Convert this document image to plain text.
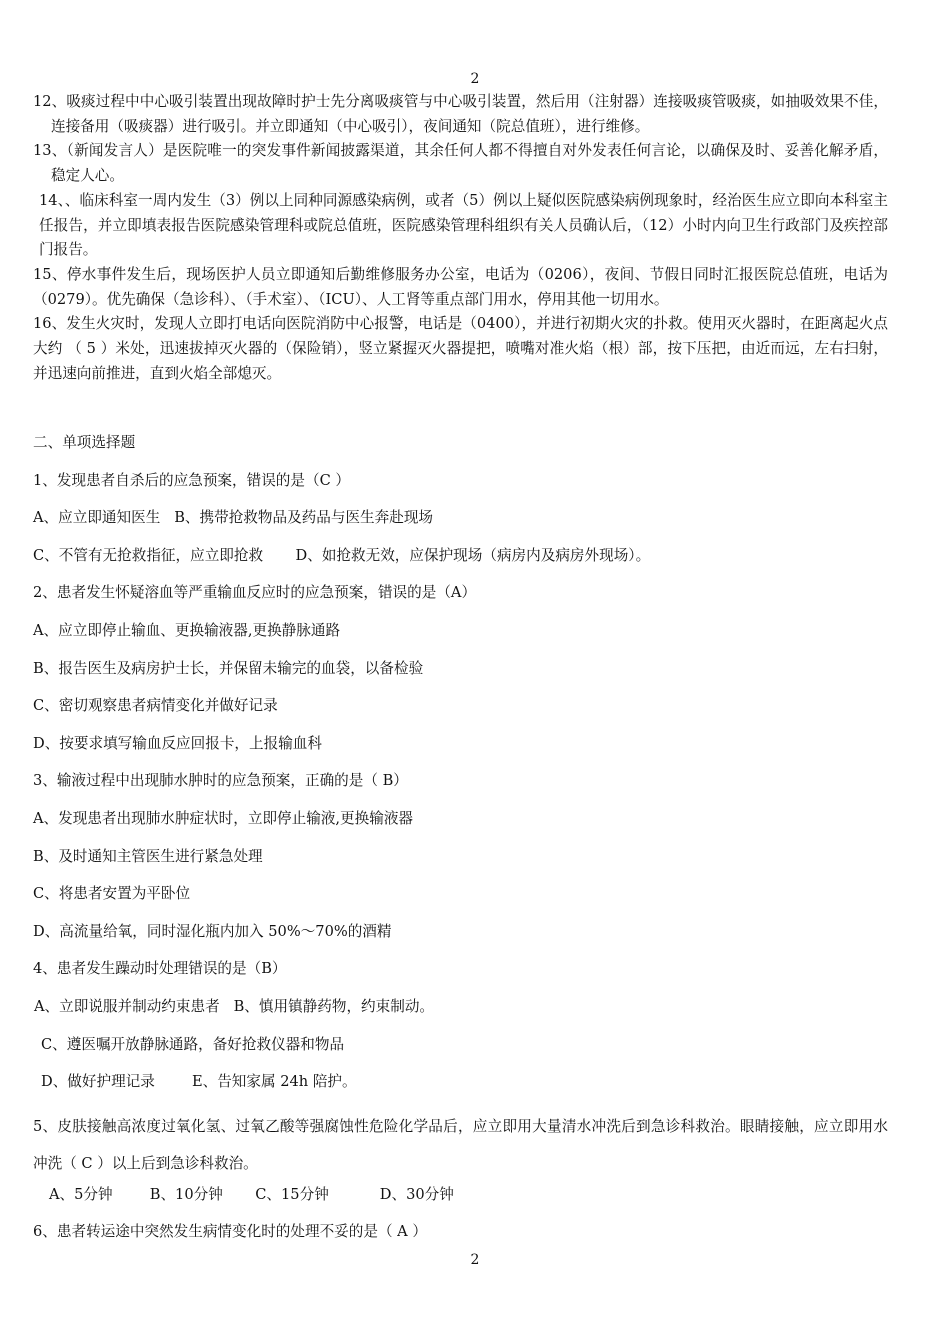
2

12、吸痰过程中中心吸引装置出现故障时护士先分离吸痰管与中心吸引装置，然后用（注射器）连接吸痰管吸痰，如抽吸效果不佳，连接备用（吸痰器）进行吸引。并立即通知（中心吸引），夜间通知（院总值班），进行维修。

13、（新闻发言人）是医院唯一的突发事件新闻披露渠道，其余任何人都不得擅自对外发表任何言论，以确保及时、妥善化解矛盾，稳定人心。

14、、临床科室一周内发生（3）例以上同种同源感染病例，或者（5）例以上疑似医院感染病例现象时，经治医生应立即向本科室主任报告，并立即填表报告医院感染管理科或院总值班，医院感染管理科组织有关人员确认后，（12）小时内向卫生行政部门及疾控部门报告。

15、停水事件发生后，现场医护人员立即通知后勤维修服务办公室，电话为（0206），夜间、节假日同时汇报医院总值班，电话为（0279）。优先确保（急诊科）、（手术室）、（ICU）、人工肾等重点部门用水，停用其他一切用水。

16、发生火灾时，发现人立即打电话向医院消防中心报警，电话是（0400），并进行初期火灾的扑救。使用灭火器时，在距离起火点大约 （ 5 ）米处，迅速拔掉灭火器的（保险销），竖立紧握灭火器提把，喷嘴对准火焰（根）部，按下压把，由近而远，左右扫射，并迅速向前推进，直到火焰全部熄灭。

二、单项选择题
1、发现患者自杀后的应急预案，错误的是（C ）
A、应立即通知医生   B、携带抢救物品及药品与医生奔赴现场
C、不管有无抢救指征，应立即抢救       D、如抢救无效，应保护现场（病房内及病房外现场）。
2、患者发生怀疑溶血等严重输血反应时的应急预案，错误的是（A）
A、应立即停止输血、更换输液器,更换静脉通路
B、报告医生及病房护士长，并保留未输完的血袋，以备检验
C、密切观察患者病情变化并做好记录
D、按要求填写输血反应回报卡，上报输血科
3、输液过程中出现肺水肿时的应急预案，正确的是（ B）
A、发现患者出现肺水肿症状时，立即停止输液,更换输液器
B、及时通知主管医生进行紧急处理
C、将患者安置为平卧位
D、高流量给氧，同时湿化瓶内加入 50%～70%的酒精
4、患者发生躁动时处理错误的是（B）
A、立即说服并制动约束患者   B、慎用镇静药物，约束制动。
C、遵医嘱开放静脉通路，备好抢救仪器和物品
D、做好护理记录        E、告知家属 24h 陪护。
5、皮肤接触高浓度过氧化氢、过氧乙酸等强腐蚀性危险化学品后，应立即用大量清水冲洗后到急诊科救治。眼睛接触，应立即用水冲洗（ C ）以上后到急诊科救治。
A、5分钟        B、10分钟       C、15分钟           D、30分钟
6、患者转运途中突然发生病情变化时的处理不妥的是（ A ）
2
